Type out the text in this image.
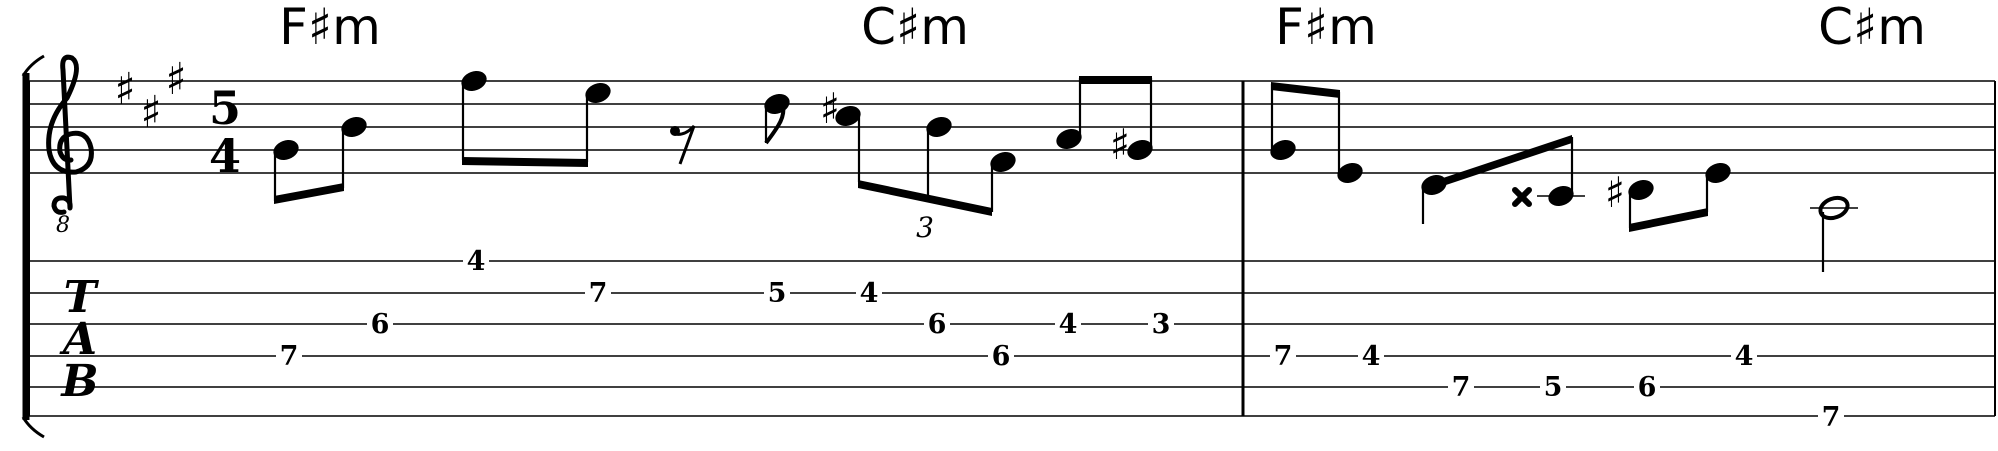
8
♯ ♯
♯
5
4
T
A
B
F♯m	C♯m	F♯m	C♯m
♯
♯
♯
3
7
6
4
7	5	4
6
6
4	3
7	4
7	5	6
4
7
